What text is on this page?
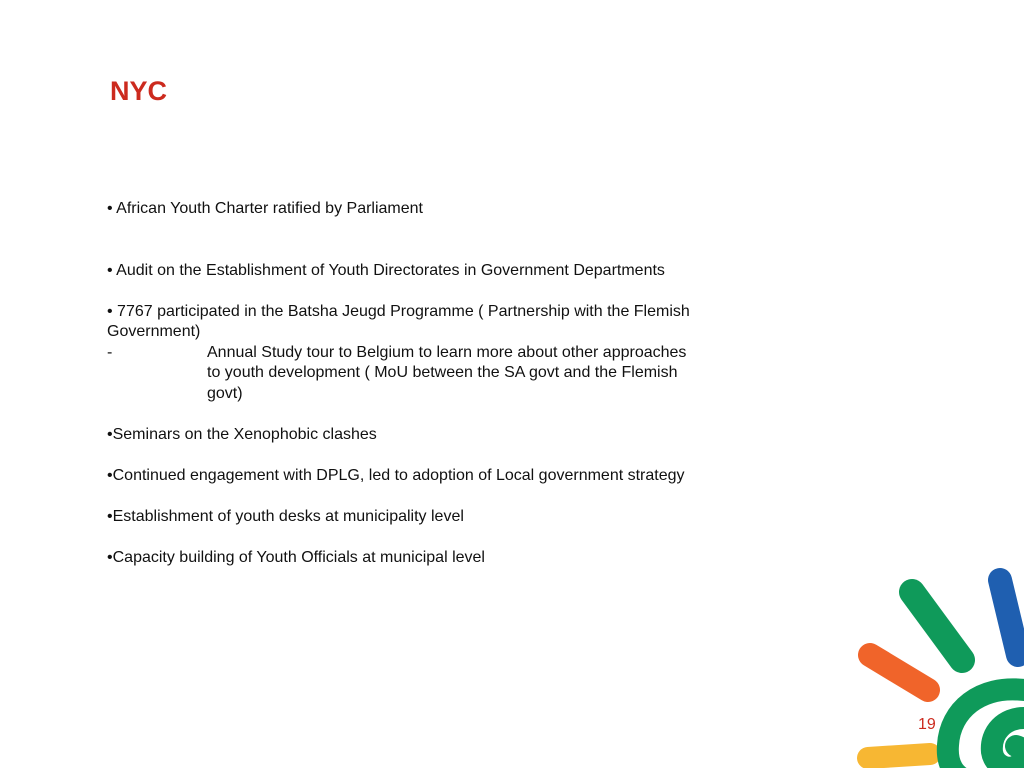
NYC

• African Youth Charter ratified by Parliament

• Audit on the Establishment of Youth Directorates in Government Departments

• 7767 participated in the Batsha Jeugd Programme ( Partnership with the Flemish Government)

-	Annual Study tour to Belgium to learn more about other approaches to youth development ( MoU between the SA govt and the Flemish govt)

•Seminars on the Xenophobic clashes

•Continued engagement with DPLG, led to adoption of Local government strategy

•Establishment of youth desks at municipality level

•Capacity building of Youth Officials at municipal level

19
